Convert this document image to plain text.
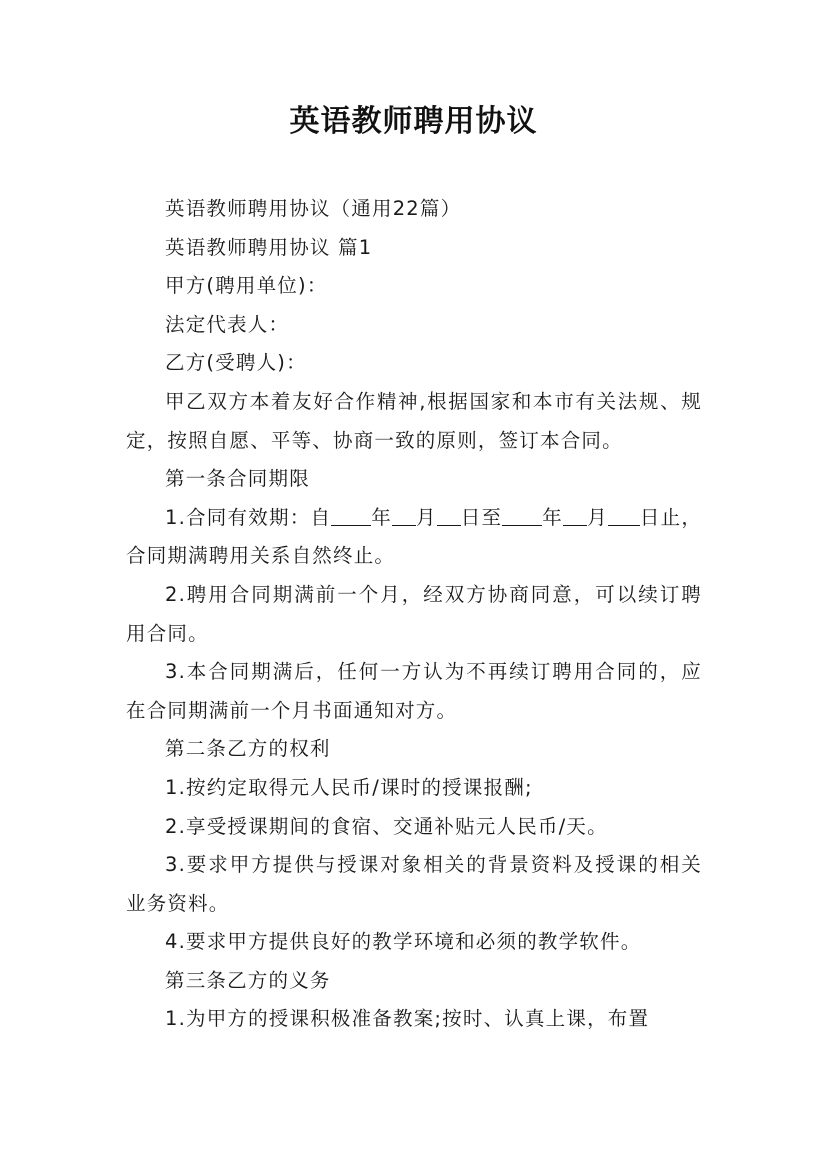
英语教师聘用协议

英语教师聘用协议（通用22篇）

英语教师聘用协议 篇1

甲方(聘用单位)：

法定代表人：

乙方(受聘人)：

甲乙双方本着友好合作精神,根据国家和本市有关法规、规定，按照自愿、平等、协商一致的原则，签订本合同。

第一条合同期限

1.合同有效期：自 年 月 日至 年 月 日止，合同期满聘用关系自然终止。

2.聘用合同期满前一个月，经双方协商同意，可以续订聘用合同。

3.本合同期满后，任何一方认为不再续订聘用合同的，应在合同期满前一个月书面通知对方。

第二条乙方的权利

1.按约定取得元人民币/课时的授课报酬;

2.享受授课期间的食宿、交通补贴元人民币/天。

3.要求甲方提供与授课对象相关的背景资料及授课的相关业务资料。

4.要求甲方提供良好的教学环境和必须的教学软件。

第三条乙方的义务

1.为甲方的授课积极准备教案;按时、认真上课，布置
